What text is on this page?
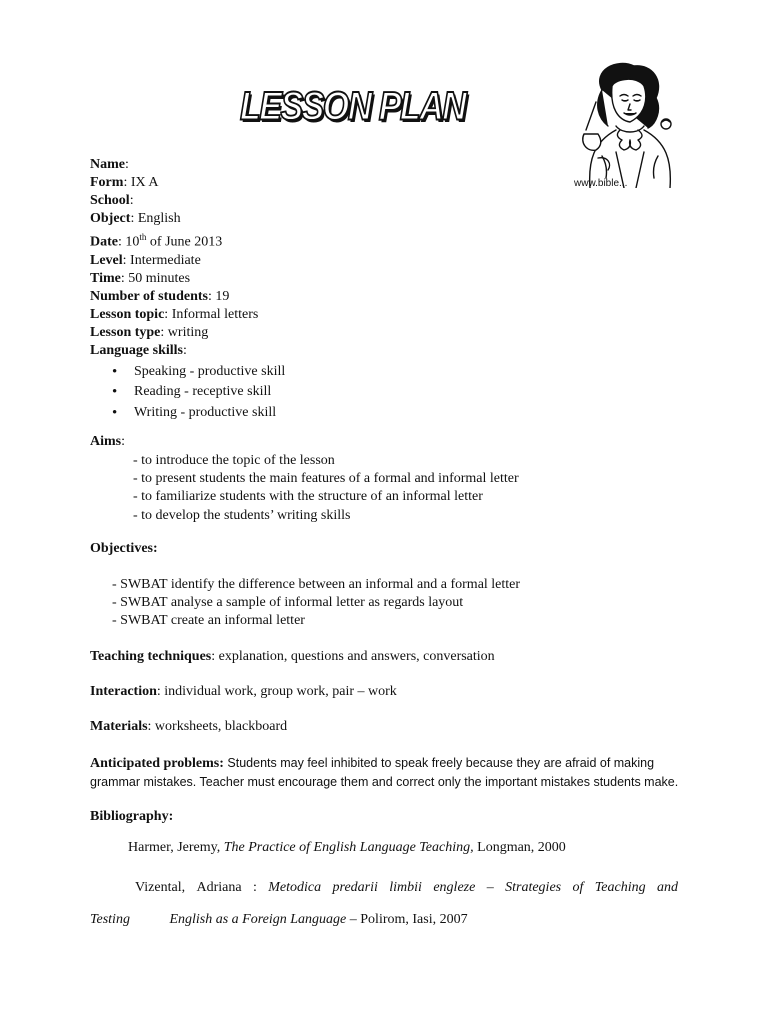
LESSON PLAN
www.bible...
Name:
Form: IX A
School:
Object: English
Date: 10th of June 2013
Level: Intermediate
Time: 50 minutes
Number of students: 19
Lesson topic: Informal letters
Lesson type: writing
Language skills:
• Speaking - productive skill
• Reading - receptive skill
• Writing - productive skill
Aims:
- to introduce the topic of the lesson
- to present students the main features of a formal and informal letter
- to familiarize students with the structure of an informal letter
- to develop the students’ writing skills
Objectives:
- SWBAT identify the difference between an informal and a formal letter
- SWBAT analyse a sample of informal letter as regards layout
- SWBAT create an informal letter
Teaching techniques: explanation, questions and answers, conversation
Interaction: individual work, group work, pair – work
Materials: worksheets, blackboard
Anticipated problems: Students may feel inhibited to speak freely because they are afraid of making
grammar mistakes. Teacher must encourage them and correct only the important mistakes students make.
Bibliography:
Harmer, Jeremy, The Practice of English Language Teaching, Longman, 2000
Vizental, Adriana : Metodica predarii limbii engleze – Strategies of Teaching and
Testing	English as a Foreign Language – Polirom, Iasi, 2007
